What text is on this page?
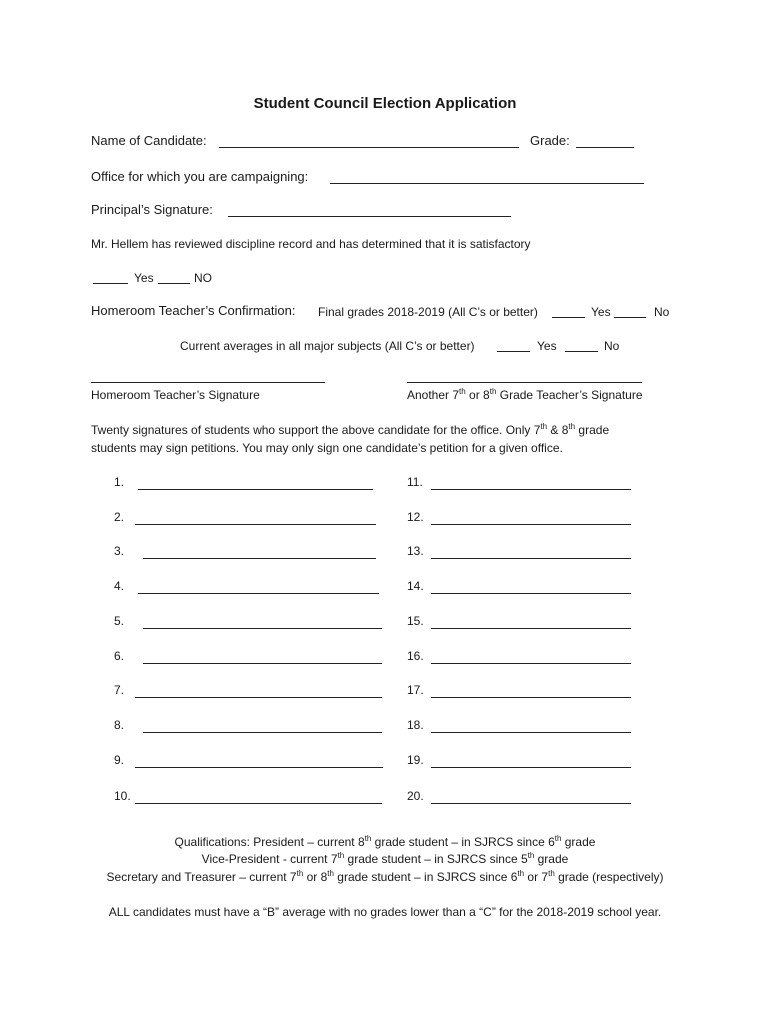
Student Council Election Application
Name of Candidate:	Grade:
Office for which you are campaigning:
Principal’s Signature:
Mr. Hellem has reviewed discipline record and has determined that it is satisfactory
Yes	NO
Homeroom Teacher’s Confirmation: Final grades 2018-2019 (All C’s or better)	Yes	No
Current averages in all major subjects (All C’s or better)	Yes	No
Homeroom Teacher’s Signature	Another 7th or 8th Grade Teacher’s Signature
Twenty signatures of students who support the above candidate for the office. Only 7th & 8th grade
students may sign petitions. You may only sign one candidate’s petition for a given office.
1.
2.
3.
4.
5.
6.
7.
8.
9.
10.
11.
12.
13.
14.
15.
16.
17.
18.
19.
20.
Qualifications: President – current 8th grade student – in SJRCS since 6th grade
Vice-President - current 7th grade student – in SJRCS since 5th grade
Secretary and Treasurer – current 7th or 8th grade student – in SJRCS since 6th or 7th grade (respectively)
ALL candidates must have a “B” average with no grades lower than a “C” for the 2018-2019 school year.
